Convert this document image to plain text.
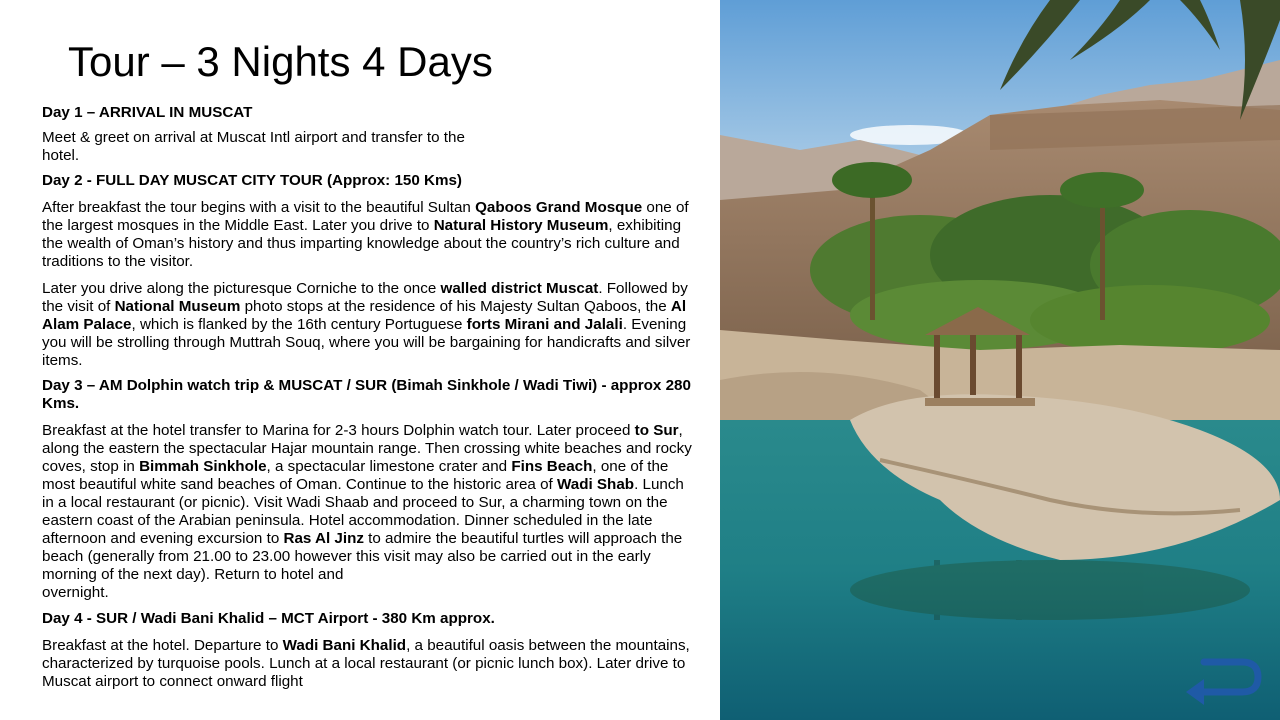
Tour – 3 Nights 4 Days

Day 1 – ARRIVAL IN MUSCAT

Meet & greet on arrival at Muscat Intl airport and transfer to the
hotel.

Day 2 - FULL DAY MUSCAT CITY TOUR (Approx: 150 Kms)

After breakfast the tour begins with a visit to the beautiful Sultan Qaboos Grand Mosque one of the largest mosques in the Middle East. Later you drive to Natural History Museum, exhibiting the wealth of Oman’s history and thus imparting knowledge about the country’s rich culture and traditions to the visitor.

Later you drive along the picturesque Corniche to the once walled district Muscat. Followed by the visit of National Museum photo stops at the residence of his Majesty Sultan Qaboos, the Al Alam Palace, which is flanked by the 16th century Portuguese forts Mirani and Jalali. Evening you will be strolling through Muttrah Souq, where you will be bargaining for handicrafts and silver items.

Day 3 – AM Dolphin watch trip & MUSCAT / SUR (Bimah Sinkhole / Wadi Tiwi) - approx 280 Kms.

Breakfast at the hotel transfer to Marina for 2-3 hours Dolphin watch tour. Later proceed to Sur, along the eastern the spectacular Hajar mountain range. Then crossing white beaches and rocky coves, stop in Bimmah Sinkhole, a spectacular limestone crater and Fins Beach, one of the most beautiful white sand beaches of Oman. Continue to the historic area of Wadi Shab. Lunch in a local restaurant (or picnic). Visit Wadi Shaab and proceed to Sur, a charming town on the eastern coast of the Arabian peninsula. Hotel accommodation. Dinner scheduled in the late afternoon and evening excursion to Ras Al Jinz to admire the beautiful turtles will approach the beach (generally from 21.00 to 23.00 however this visit may also be carried out in the early morning of the next day). Return to hotel and
overnight.

Day 4 - SUR / Wadi Bani Khalid – MCT Airport - 380 Km approx.

Breakfast at the hotel. Departure to Wadi Bani Khalid, a beautiful oasis between the mountains, characterized by turquoise pools. Lunch at a local restaurant (or picnic lunch box). Later drive to Muscat airport to connect onward flight
